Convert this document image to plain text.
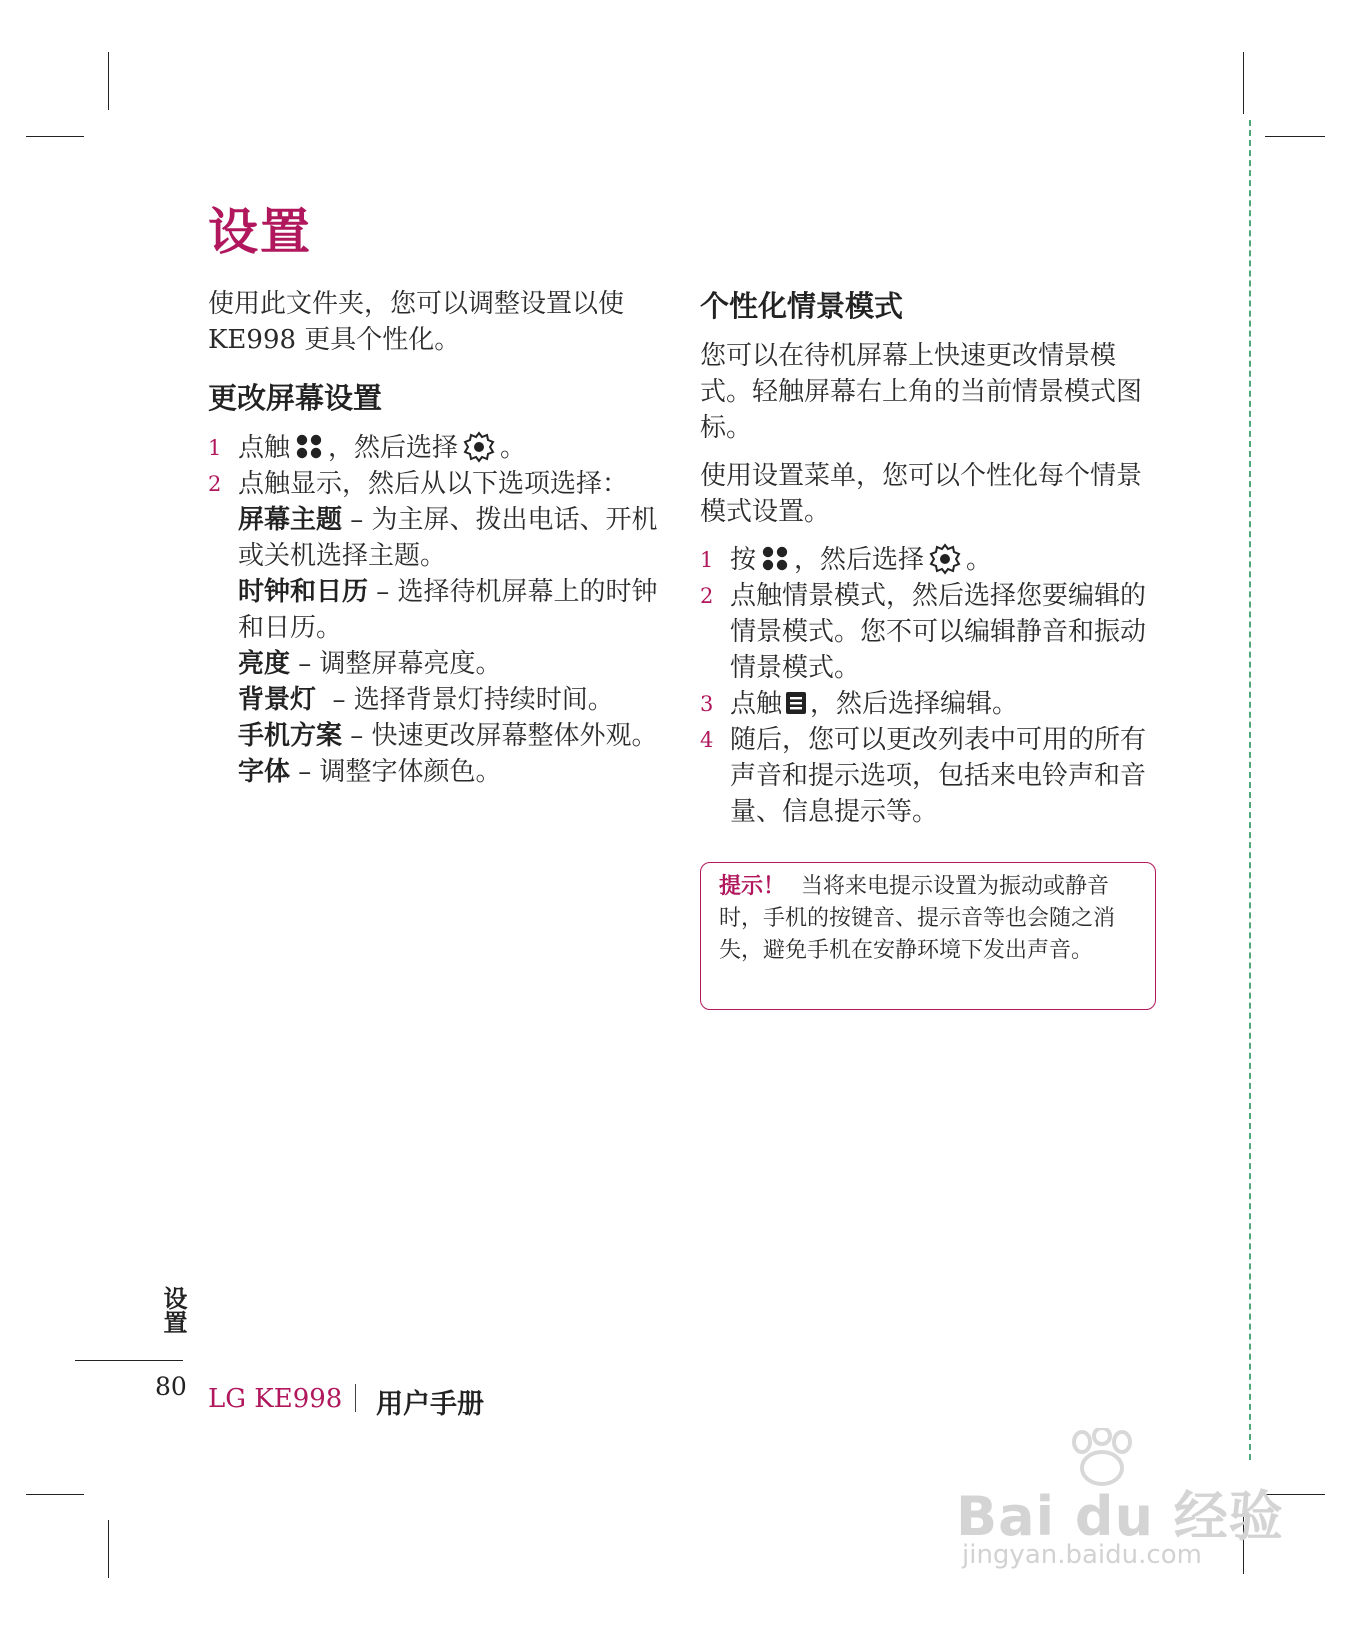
设置

使用此文件夹，您可以调整设置以使 KE998 更具个性化。

更改屏幕设置

1 点触 ，然后选择 。

2 点触显示，然后从以下选项选择：
屏幕主题 – 为主屏、拨出电话、开机或关机选择主题。
时钟和日历 – 选择待机屏幕上的时钟和日历。
亮度 – 调整屏幕亮度。
背景灯  – 选择背景灯持续时间。
手机方案 – 快速更改屏幕整体外观。
字体 – 调整字体颜色。

个性化情景模式

您可以在待机屏幕上快速更改情景模式。轻触屏幕右上角的当前情景模式图标。

使用设置菜单，您可以个性化每个情景模式设置。

1 按 ，然后选择 。

2 点触情景模式，然后选择您要编辑的情景模式。您不可以编辑静音和振动情景模式。

3 点触 ，然后选择编辑。

4 随后，您可以更改列表中可用的所有声音和提示选项，包括来电铃声和音量、信息提示等。

提示！ 当将来电提示设置为振动或静音时，手机的按键音、提示音等也会随之消失，避免手机在安静环境下发出声音。
设置
80 LG KE998 用户手册
Bai du 经验
jingyan.baidu.com
